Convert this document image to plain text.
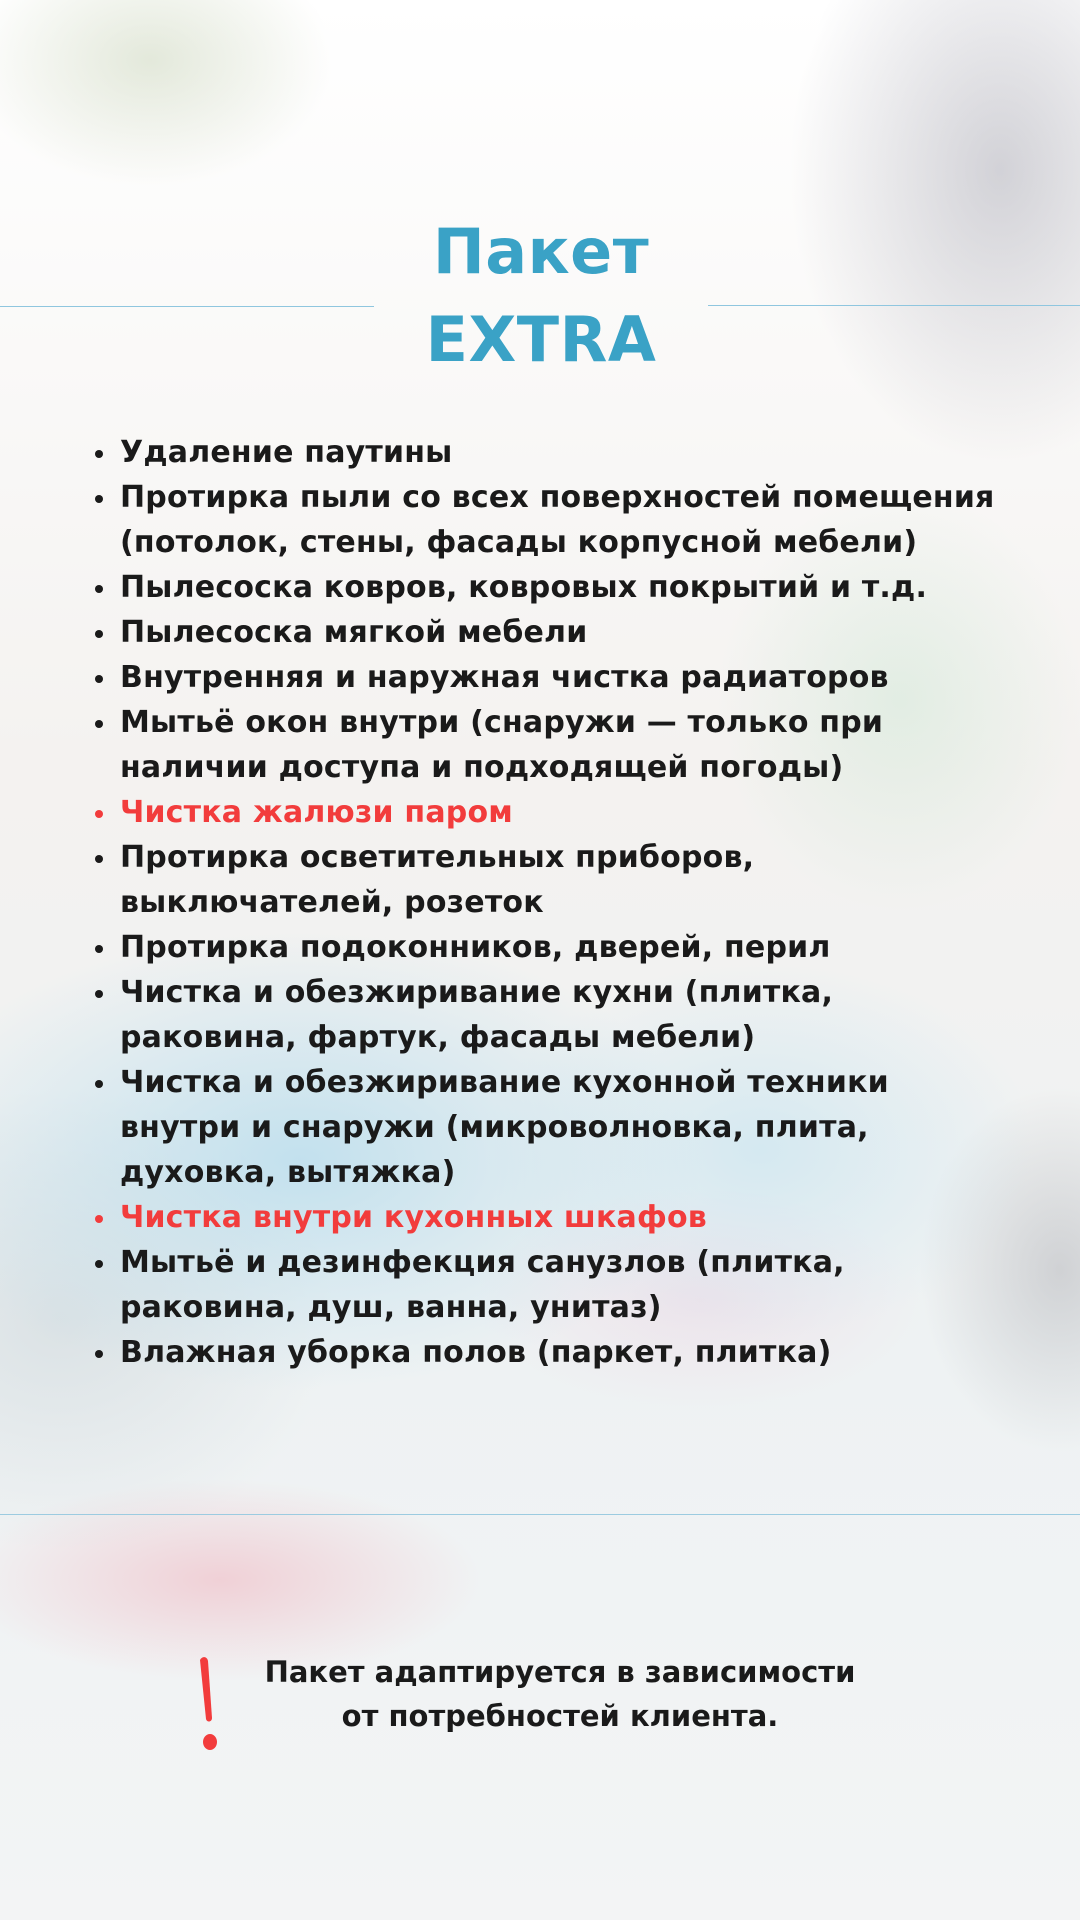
Пакет
EXTRA
Удаление паутины
Протирка пыли со всех поверхностей помещения
(потолок, стены, фасады корпусной мебели)
Пылесоска ковров, ковровых покрытий и т.д.
Пылесоска мягкой мебели
Внутренняя и наружная чистка радиаторов
Мытьё окон внутри (снаружи — только при
наличии доступа и подходящей погоды)
Чистка жалюзи паром
Протирка осветительных приборов,
выключателей, розеток
Протирка подоконников, дверей, перил
Чистка и обезжиривание кухни (плитка,
раковина, фартук, фасады мебели)
Чистка и обезжиривание кухонной техники
внутри и снаружи (микроволновка, плита,
духовка, вытяжка)
Чистка внутри кухонных шкафов
Мытьё и дезинфекция санузлов (плитка,
раковина, душ, ванна, унитаз)
Влажная уборка полов (паркет, плитка)
Пакет адаптируется в зависимости
от потребностей клиента.
